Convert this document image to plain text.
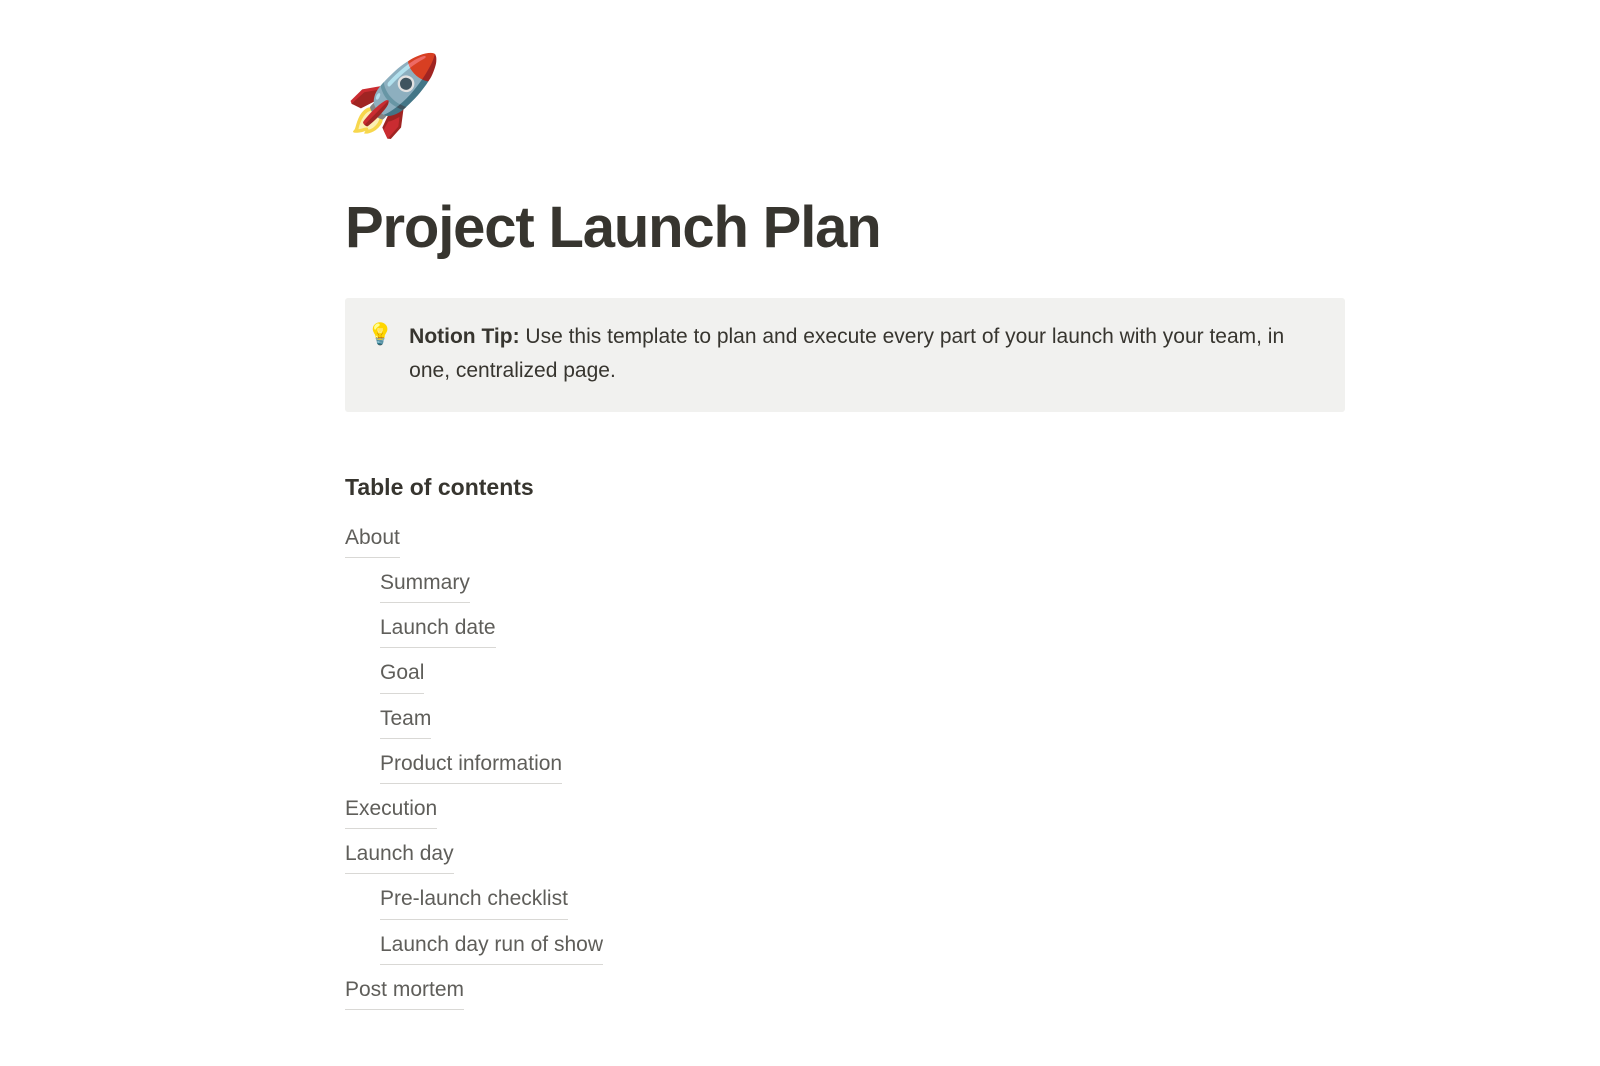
🚀
Project Launch Plan
💡 Notion Tip: Use this template to plan and execute every part of your launch with your team, in one, centralized page.
Table of contents
About
Summary
Launch date
Goal
Team
Product information
Execution
Launch day
Pre-launch checklist
Launch day run of show
Post mortem
